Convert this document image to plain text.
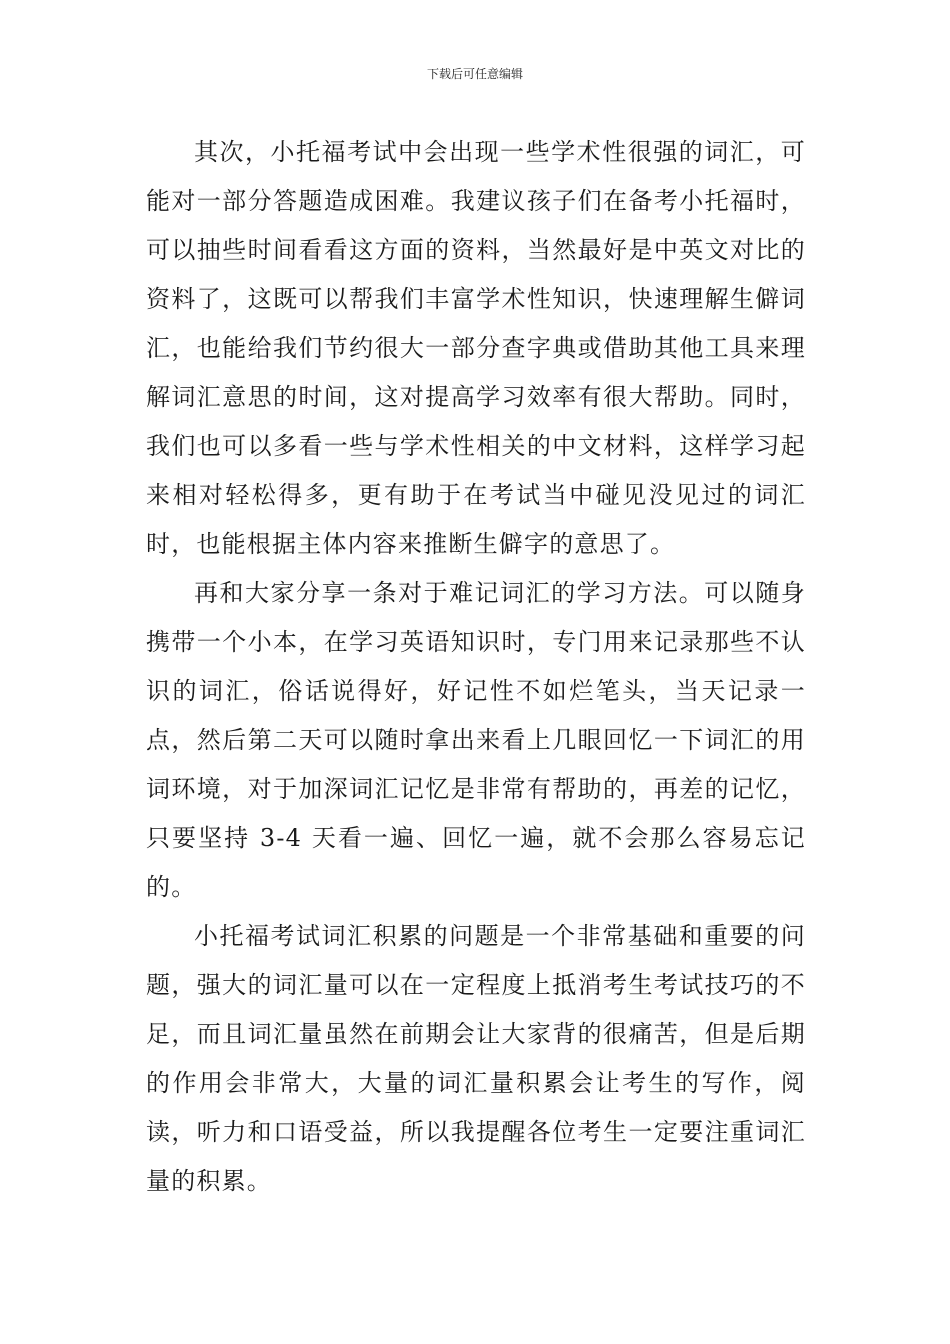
下载后可任意编辑

其次，小托福考试中会出现一些学术性很强的词汇，可能对一部分答题造成困难。我建议孩子们在备考小托福时，可以抽些时间看看这方面的资料，当然最好是中英文对比的资料了，这既可以帮我们丰富学术性知识，快速理解生僻词汇，也能给我们节约很大一部分查字典或借助其他工具来理解词汇意思的时间，这对提高学习效率有很大帮助。同时，我们也可以多看一些与学术性相关的中文材料，这样学习起来相对轻松得多，更有助于在考试当中碰见没见过的词汇时，也能根据主体内容来推断生僻字的意思了。

再和大家分享一条对于难记词汇的学习方法。可以随身携带一个小本，在学习英语知识时，专门用来记录那些不认识的词汇，俗话说得好，好记性不如烂笔头，当天记录一点，然后第二天可以随时拿出来看上几眼回忆一下词汇的用词环境，对于加深词汇记忆是非常有帮助的，再差的记忆，只要坚持 3-4 天看一遍、回忆一遍，就不会那么容易忘记的。

小托福考试词汇积累的问题是一个非常基础和重要的问题，强大的词汇量可以在一定程度上抵消考生考试技巧的不足，而且词汇量虽然在前期会让大家背的很痛苦，但是后期的作用会非常大，大量的词汇量积累会让考生的写作，阅读，听力和口语受益，所以我提醒各位考生一定要注重词汇量的积累。
